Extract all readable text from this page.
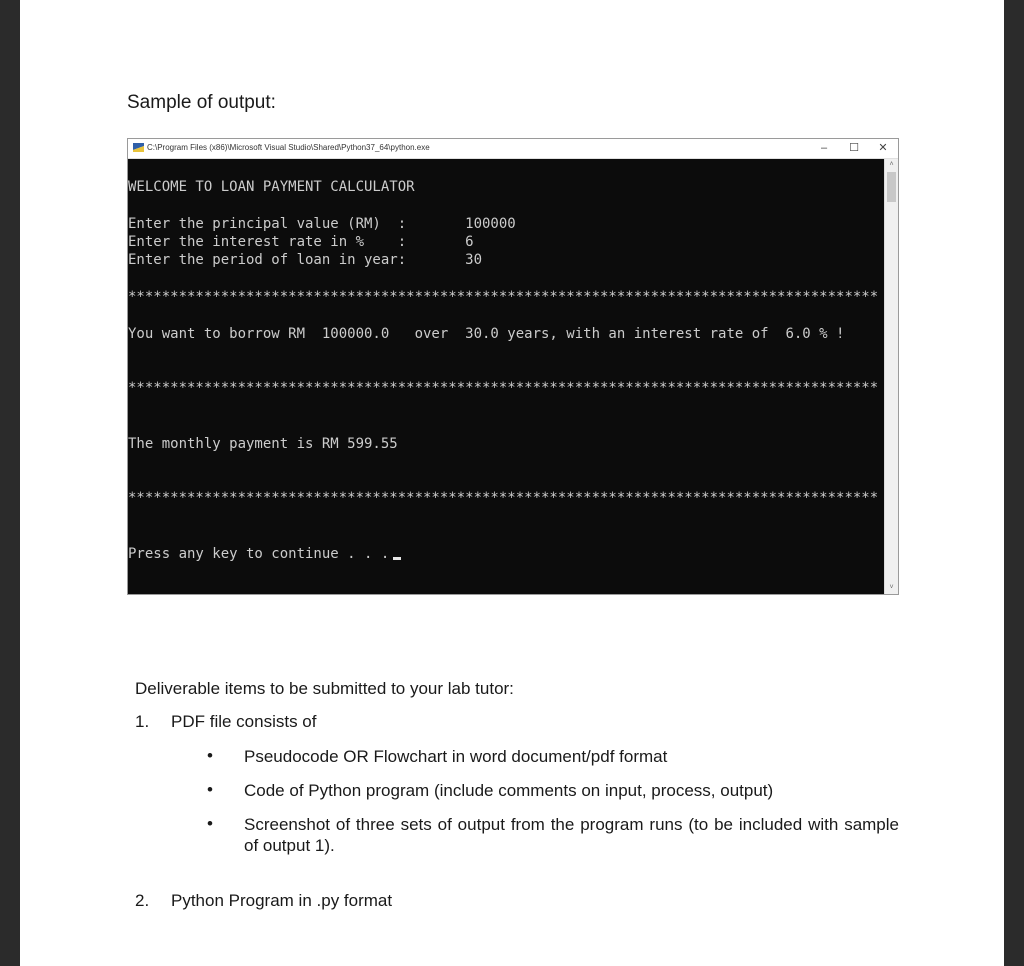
Sample of output:
C:\Program Files (x86)\Microsoft Visual Studio\Shared\Python37_64\python.exe	–	☐	✕
WELCOME TO LOAN PAYMENT CALCULATOR
Enter the principal value (RM)  :       100000
Enter the interest rate in %    :       6
Enter the period of loan in year:       30
*****************************************************************************************
You want to borrow RM  100000.0   over  30.0 years, with an interest rate of  6.0 % !
*****************************************************************************************
The monthly payment is RM 599.55
*****************************************************************************************
Press any key to continue . . .
˄
˅
Deliverable items to be submitted to your lab tutor:
1. PDF file consists of
• Pseudocode OR Flowchart in word document/pdf format
• Code of Python program (include comments on input, process, output)
• Screenshot of three sets of output from the program runs (to be included with sample of output 1).
2. Python Program in .py format
